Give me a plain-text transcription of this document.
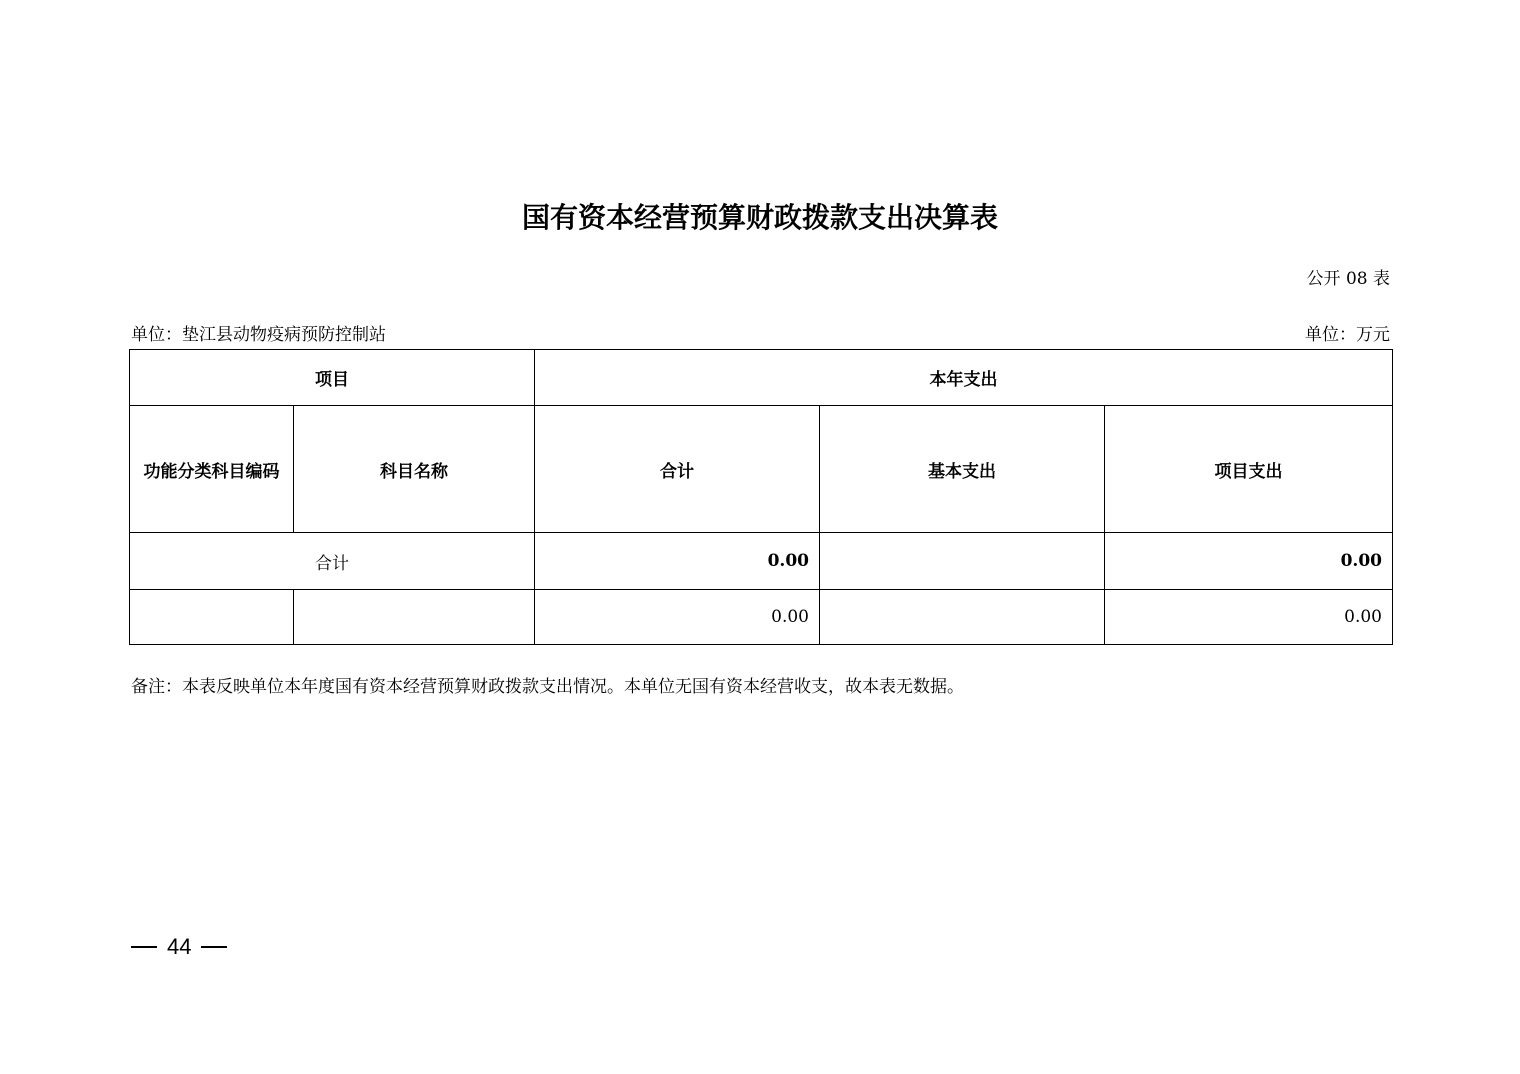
国有资本经营预算财政拨款支出决算表
公开 08 表
单位：垫江县动物疫病预防控制站	单位：万元
项目		本年支出		
功能分类科目编码	科目名称	合计	基本支出	项目支出
合计		0.00		0.00
		0.00		0.00
备注：本表反映单位本年度国有资本经营预算财政拨款支出情况。本单位无国有资本经营收支，故本表无数据。
44
